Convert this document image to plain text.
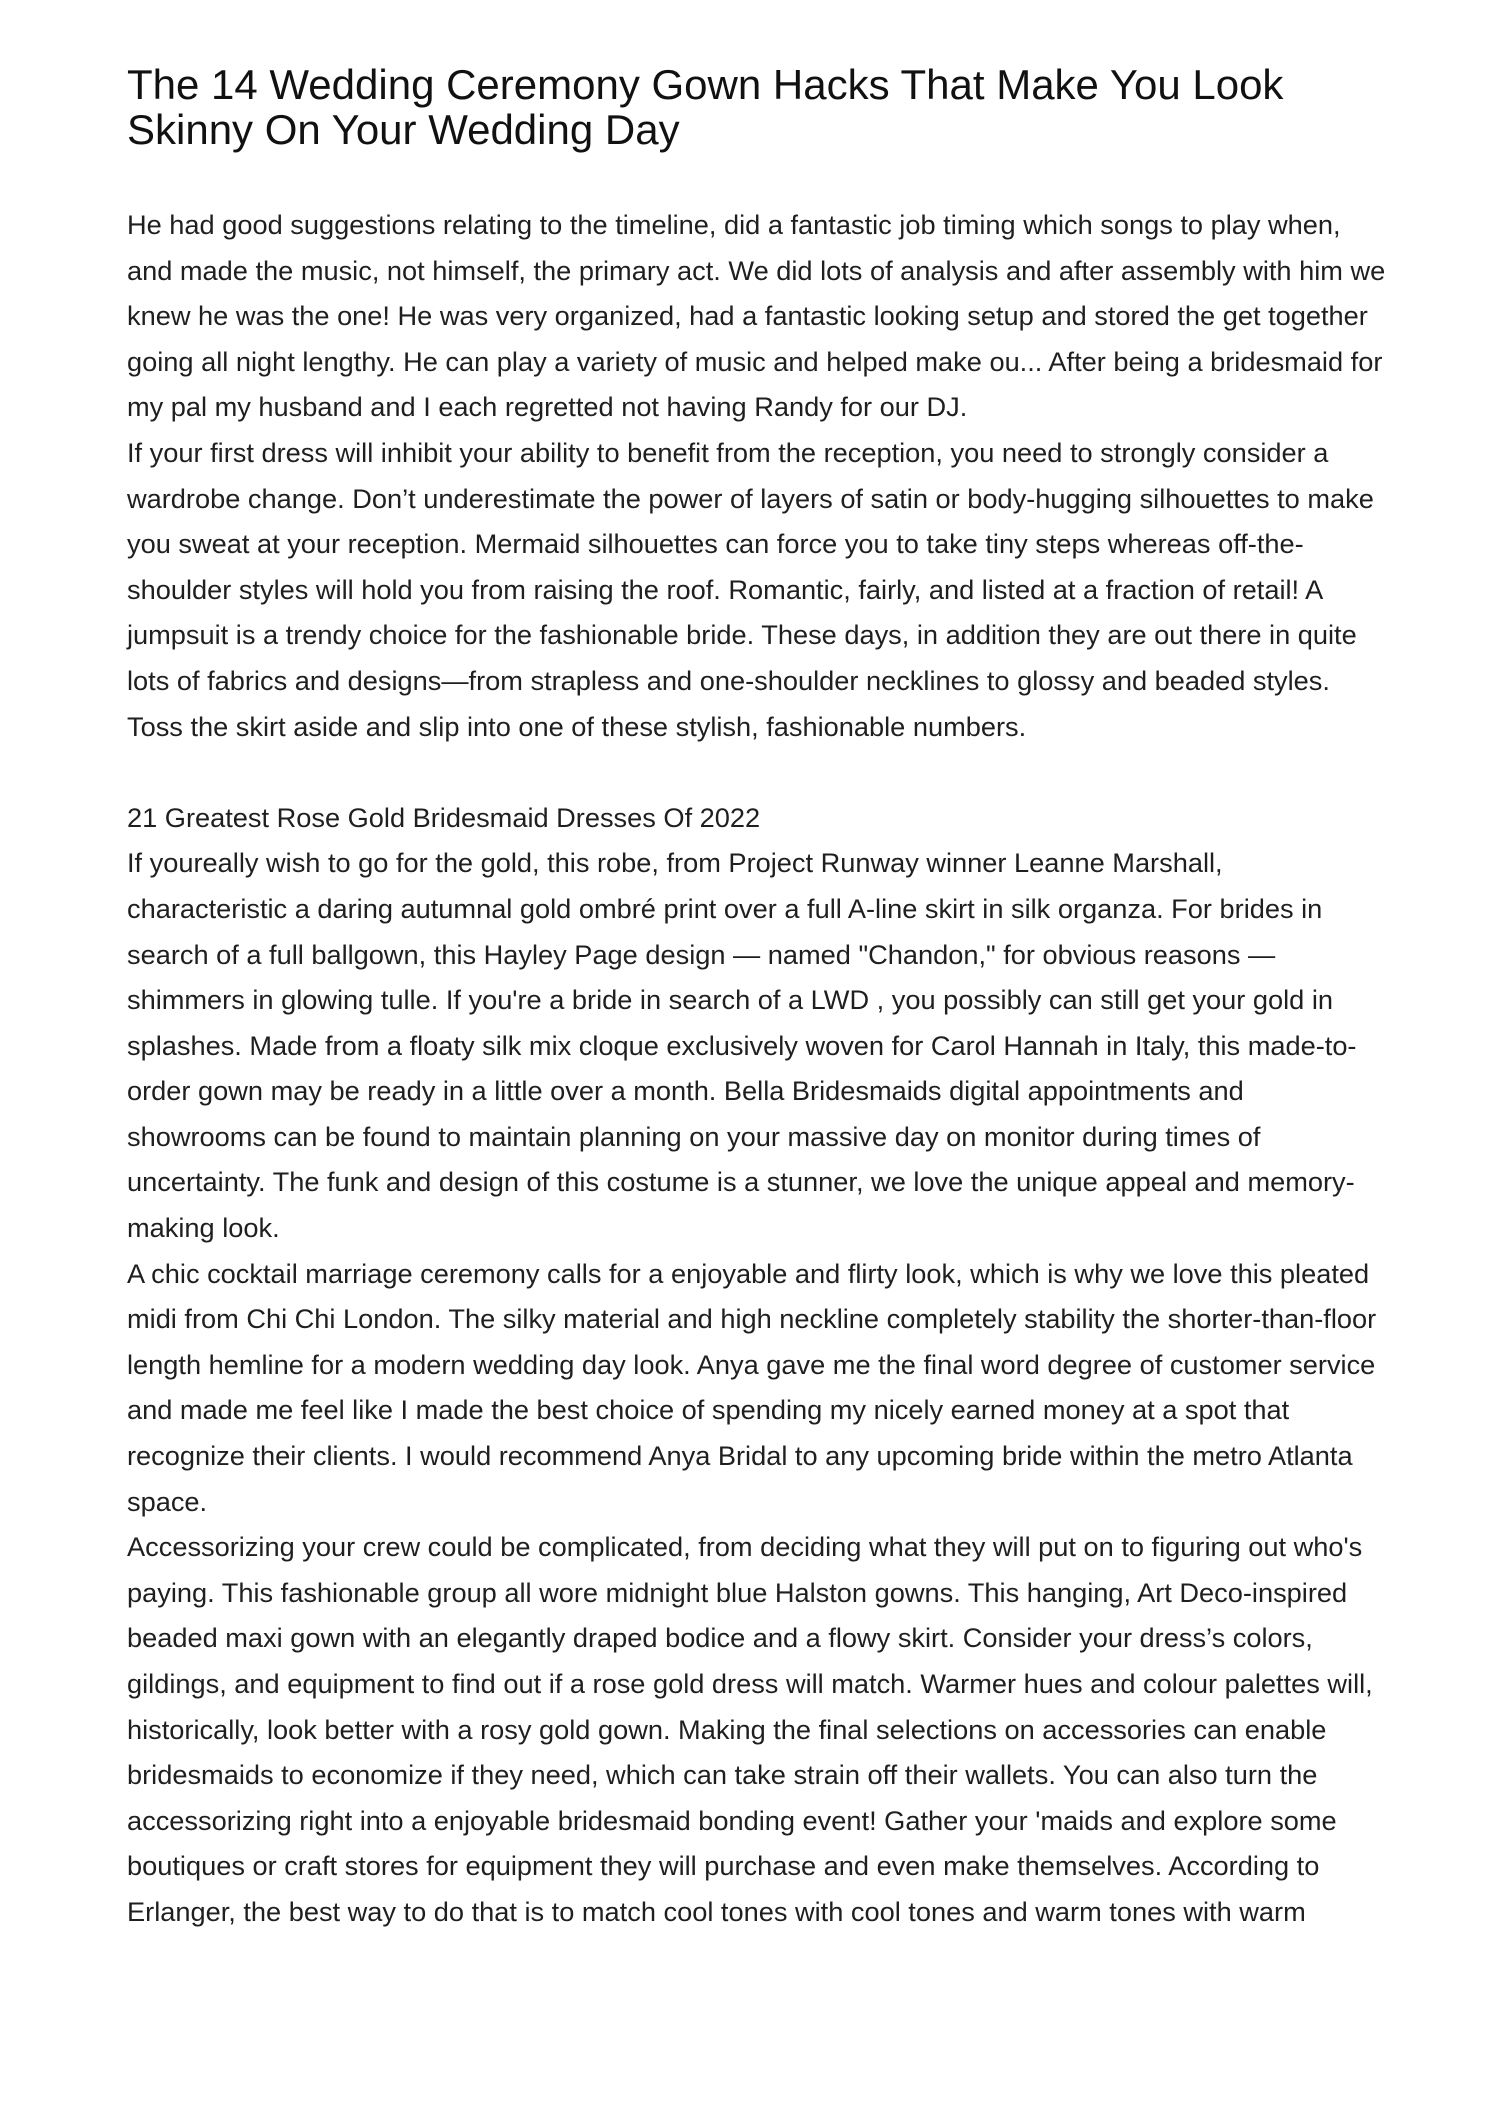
The 14 Wedding Ceremony Gown Hacks That Make You Look Skinny On Your Wedding Day

He had good suggestions relating to the timeline, did a fantastic job timing which songs to play when, and made the music, not himself, the primary act. We did lots of analysis and after assembly with him we knew he was the one! He was very organized, had a fantastic looking setup and stored the get together going all night lengthy. He can play a variety of music and helped make ou... After being a bridesmaid for my pal my husband and I each regretted not having Randy for our DJ.

If your first dress will inhibit your ability to benefit from the reception, you need to strongly consider a wardrobe change. Don’t underestimate the power of layers of satin or body-hugging silhouettes to make you sweat at your reception. Mermaid silhouettes can force you to take tiny steps whereas off-the-shoulder styles will hold you from raising the roof. Romantic, fairly, and listed at a fraction of retail! A jumpsuit is a trendy choice for the fashionable bride. These days, in addition they are out there in quite lots of fabrics and designs—from strapless and one-shoulder necklines to glossy and beaded styles. Toss the skirt aside and slip into one of these stylish, fashionable numbers.

21 Greatest Rose Gold Bridesmaid Dresses Of 2022

If youreally wish to go for the gold, this robe, from Project Runway winner Leanne Marshall, characteristic a daring autumnal gold ombré print over a full A-line skirt in silk organza. For brides in search of a full ballgown, this Hayley Page design — named "Chandon," for obvious reasons — shimmers in glowing tulle. If you're a bride in search of a LWD , you possibly can still get your gold in splashes. Made from a floaty silk mix cloque exclusively woven for Carol Hannah in Italy, this made-to-order gown may be ready in a little over a month. Bella Bridesmaids digital appointments and showrooms can be found to maintain planning on your massive day on monitor during times of uncertainty. The funk and design of this costume is a stunner, we love the unique appeal and memory-making look.

A chic cocktail marriage ceremony calls for a enjoyable and flirty look, which is why we love this pleated midi from Chi Chi London. The silky material and high neckline completely stability the shorter-than-floor length hemline for a modern wedding day look. Anya gave me the final word degree of customer service and made me feel like I made the best choice of spending my nicely earned money at a spot that recognize their clients. I would recommend Anya Bridal to any upcoming bride within the metro Atlanta space.

Accessorizing your crew could be complicated, from deciding what they will put on to figuring out who's paying. This fashionable group all wore midnight blue Halston gowns. This hanging, Art Deco-inspired beaded maxi gown with an elegantly draped bodice and a flowy skirt. Consider your dress’s colors, gildings, and equipment to find out if a rose gold dress will match. Warmer hues and colour palettes will, historically, look better with a rosy gold gown. Making the final selections on accessories can enable bridesmaids to economize if they need, which can take strain off their wallets. You can also turn the accessorizing right into a enjoyable bridesmaid bonding event! Gather your 'maids and explore some boutiques or craft stores for equipment they will purchase and even make themselves. According to Erlanger, the best way to do that is to match cool tones with cool tones and warm tones with warm
